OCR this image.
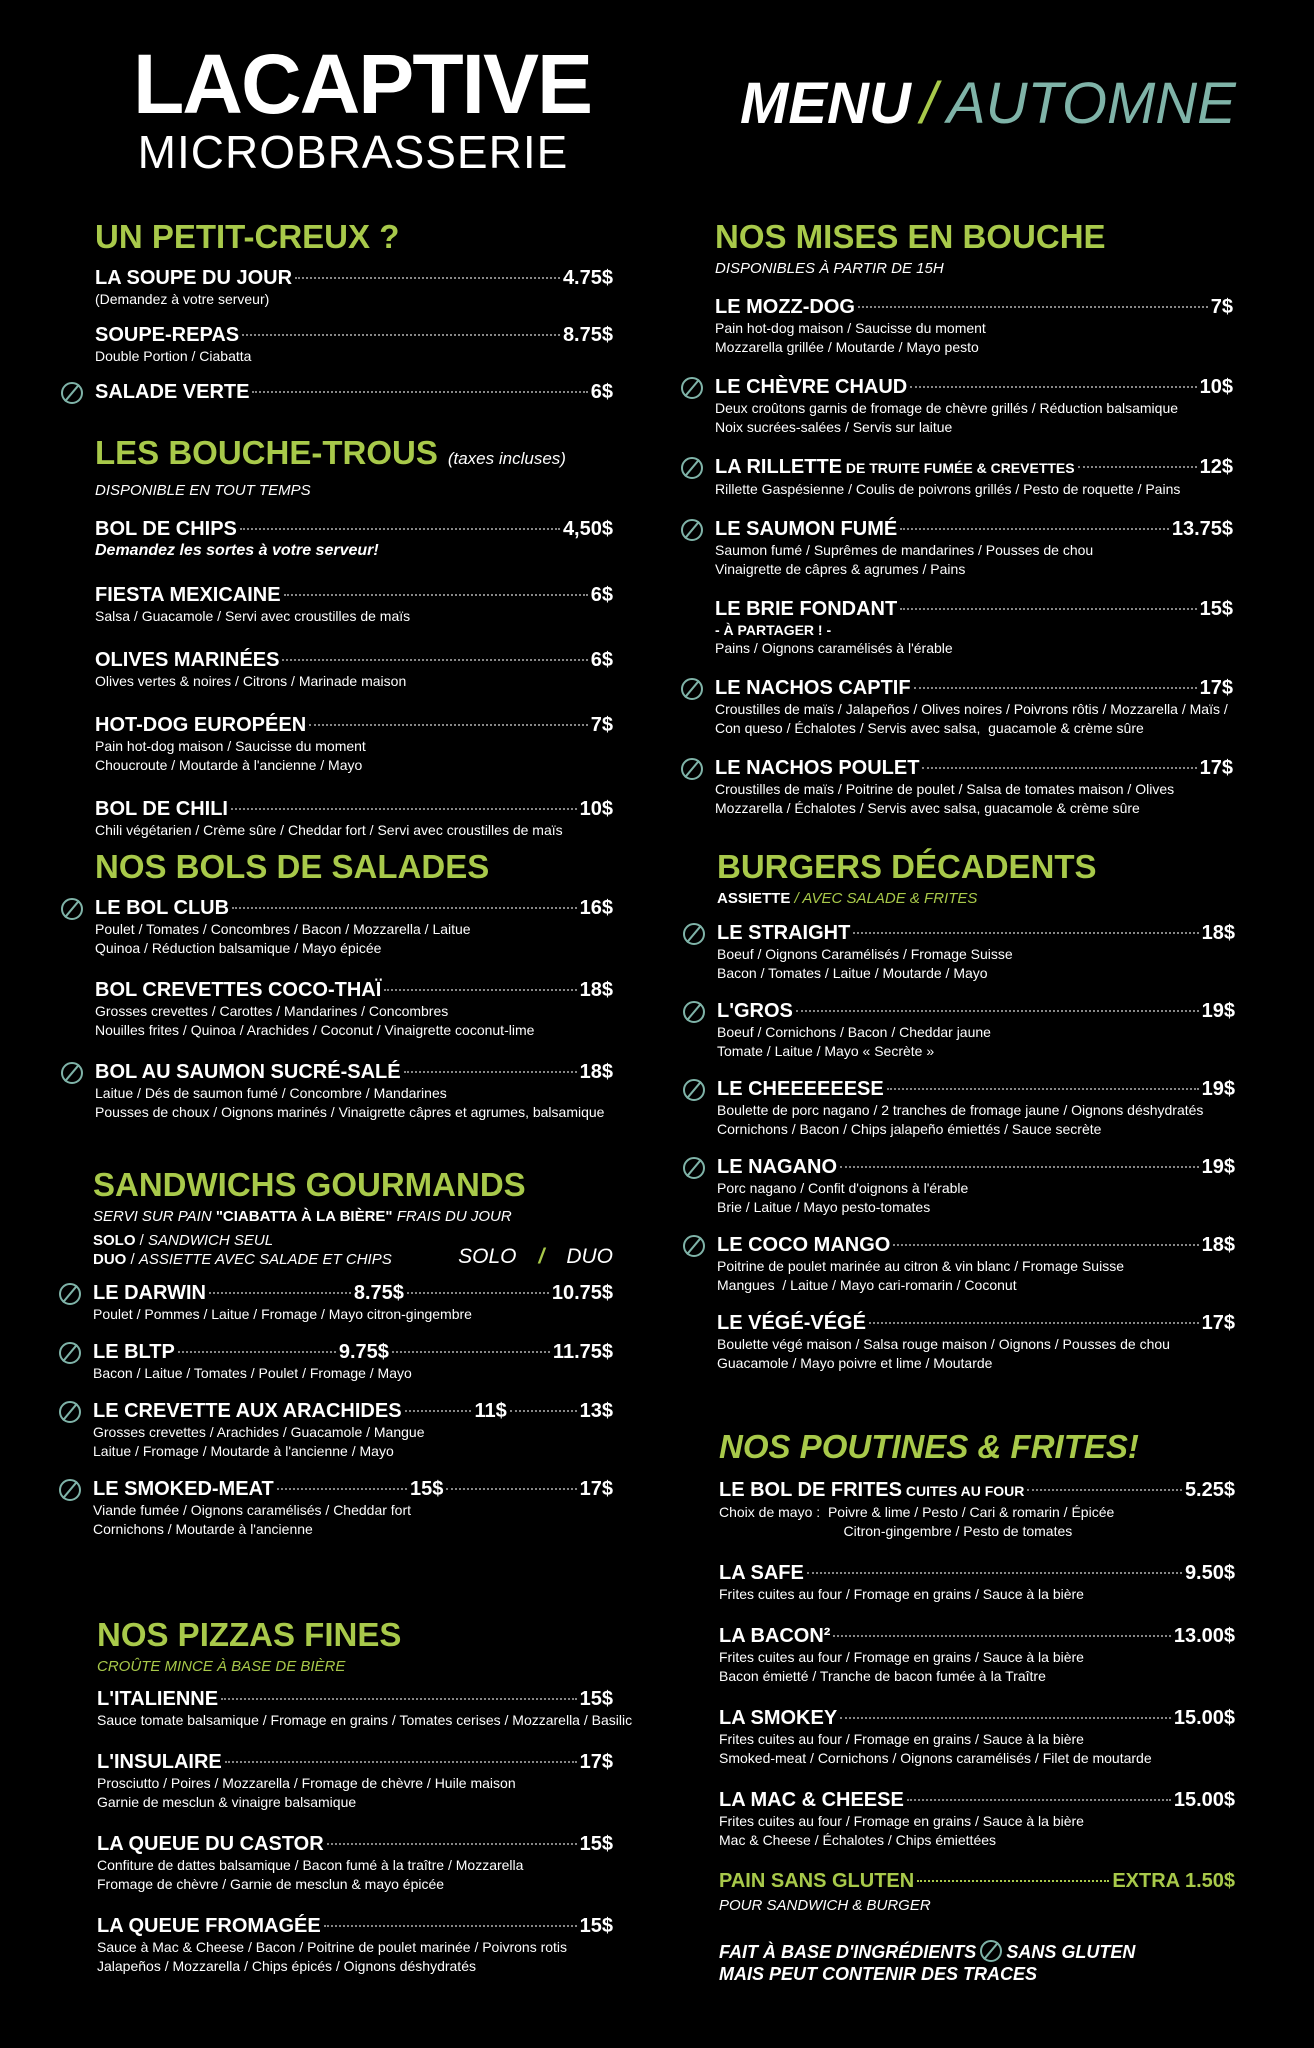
LACAPTIVE
MICROBRASSERIE
MENU / AUTOMNE
UN PETIT-CREUX ?
LA SOUPE DU JOUR	4.75$
(Demandez à votre serveur)
SOUPE-REPAS	8.75$
Double Portion / Ciabatta
SALADE VERTE	6$
LES BOUCHE-TROUS (taxes incluses)
DISPONIBLE EN TOUT TEMPS
BOL DE CHIPS	4,50$
Demandez les sortes à votre serveur!
FIESTA MEXICAINE	6$
Salsa / Guacamole / Servi avec croustilles de maïs
OLIVES MARINÉES	6$
Olives vertes & noires / Citrons / Marinade maison
HOT-DOG EUROPÉEN	7$
Pain hot-dog maison / Saucisse du moment
Choucroute / Moutarde à l'ancienne / Mayo
BOL DE CHILI	10$
Chili végétarien / Crème sûre / Cheddar fort / Servi avec croustilles de maïs
NOS BOLS DE SALADES
LE BOL CLUB	16$
Poulet / Tomates / Concombres / Bacon / Mozzarella / Laitue
Quinoa / Réduction balsamique / Mayo épicée
BOL CREVETTES COCO-THAÏ	18$
Grosses crevettes / Carottes / Mandarines / Concombres
Nouilles frites / Quinoa / Arachides / Coconut / Vinaigrette coconut-lime
BOL AU SAUMON SUCRÉ-SALÉ	18$
Laitue / Dés de saumon fumé / Concombre / Mandarines
Pousses de choux / Oignons marinés / Vinaigrette câpres et agrumes, balsamique
SANDWICHS GOURMANDS
SERVI SUR PAIN "CIABATTA À LA BIÈRE" FRAIS DU JOUR
SOLO / SANDWICH SEUL
DUO / ASSIETTE AVEC SALADE ET CHIPS	SOLO / DUO
LE DARWIN	8.75$	10.75$
Poulet / Pommes / Laitue / Fromage / Mayo citron-gingembre
LE BLTP	9.75$	11.75$
Bacon / Laitue / Tomates / Poulet / Fromage / Mayo
LE CREVETTE AUX ARACHIDES	11$	13$
Grosses crevettes / Arachides / Guacamole / Mangue
Laitue / Fromage / Moutarde à l'ancienne / Mayo
LE SMOKED-MEAT	15$	17$
Viande fumée / Oignons caramélisés / Cheddar fort
Cornichons / Moutarde à l'ancienne
NOS PIZZAS FINES
CROÛTE MINCE À BASE DE BIÈRE
L'ITALIENNE	15$
Sauce tomate balsamique / Fromage en grains / Tomates cerises / Mozzarella / Basilic
L'INSULAIRE	17$
Prosciutto / Poires / Mozzarella / Fromage de chèvre / Huile maison
Garnie de mesclun & vinaigre balsamique
LA QUEUE DU CASTOR	15$
Confiture de dattes balsamique / Bacon fumé à la traître / Mozzarella
Fromage de chèvre / Garnie de mesclun & mayo épicée
LA QUEUE FROMAGÉE	15$
Sauce à Mac & Cheese / Bacon / Poitrine de poulet marinée / Poivrons rotis
Jalapeños / Mozzarella / Chips épicés / Oignons déshydratés
NOS MISES EN BOUCHE
DISPONIBLES À PARTIR DE 15H
LE MOZZ-DOG	7$
Pain hot-dog maison / Saucisse du moment
Mozzarella grillée / Moutarde / Mayo pesto
LE CHÈVRE CHAUD	10$
Deux croûtons garnis de fromage de chèvre grillés / Réduction balsamique
Noix sucrées-salées / Servis sur laitue
LA RILLETTE DE TRUITE FUMÉE & CREVETTES	12$
Rillette Gaspésienne / Coulis de poivrons grillés / Pesto de roquette / Pains
LE SAUMON FUMÉ	13.75$
Saumon fumé / Suprêmes de mandarines / Pousses de chou
Vinaigrette de câpres & agrumes / Pains
LE BRIE FONDANT	15$
- À PARTAGER ! -
Pains / Oignons caramélisés à l'érable
LE NACHOS CAPTIF	17$
Croustilles de maïs / Jalapeños / Olives noires / Poivrons rôtis / Mozzarella / Maïs /
Con queso / Échalotes / Servis avec salsa,  guacamole & crème sûre
LE NACHOS POULET	17$
Croustilles de maïs / Poitrine de poulet / Salsa de tomates maison / Olives
Mozzarella / Échalotes / Servis avec salsa, guacamole & crème sûre
BURGERS DÉCADENTS
ASSIETTE / AVEC SALADE & FRITES
LE STRAIGHT	18$
Boeuf / Oignons Caramélisés / Fromage Suisse
Bacon / Tomates / Laitue / Moutarde / Mayo
L'GROS	19$
Boeuf / Cornichons / Bacon / Cheddar jaune
Tomate / Laitue / Mayo « Secrète »
LE CHEEEEEESE	19$
Boulette de porc nagano / 2 tranches de fromage jaune / Oignons déshydratés
Cornichons / Bacon / Chips jalapeño émiettés / Sauce secrète
LE NAGANO	19$
Porc nagano / Confit d'oignons à l'érable
Brie / Laitue / Mayo pesto-tomates
LE COCO MANGO	18$
Poitrine de poulet marinée au citron & vin blanc / Fromage Suisse
Mangues  / Laitue / Mayo cari-romarin / Coconut
LE VÉGÉ-VÉGÉ	17$
Boulette végé maison / Salsa rouge maison / Oignons / Pousses de chou
Guacamole / Mayo poivre et lime / Moutarde
NOS POUTINES & FRITES!
LE BOL DE FRITES CUITES AU FOUR	5.25$
Choix de mayo :  Poivre & lime / Pesto / Cari & romarin / Épicée
Citron-gingembre / Pesto de tomates
LA SAFE	9.50$
Frites cuites au four / Fromage en grains / Sauce à la bière
LA BACON²	13.00$
Frites cuites au four / Fromage en grains / Sauce à la bière
Bacon émietté / Tranche de bacon fumée à la Traître
LA SMOKEY	15.00$
Frites cuites au four / Fromage en grains / Sauce à la bière
Smoked-meat / Cornichons / Oignons caramélisés / Filet de moutarde
LA MAC & CHEESE	15.00$
Frites cuites au four / Fromage en grains / Sauce à la bière
Mac & Cheese / Échalotes / Chips émiettées
PAIN SANS GLUTEN	EXTRA 1.50$
POUR SANDWICH & BURGER
FAIT À BASE D'INGRÉDIENTS SANS GLUTEN
MAIS PEUT CONTENIR DES TRACES
